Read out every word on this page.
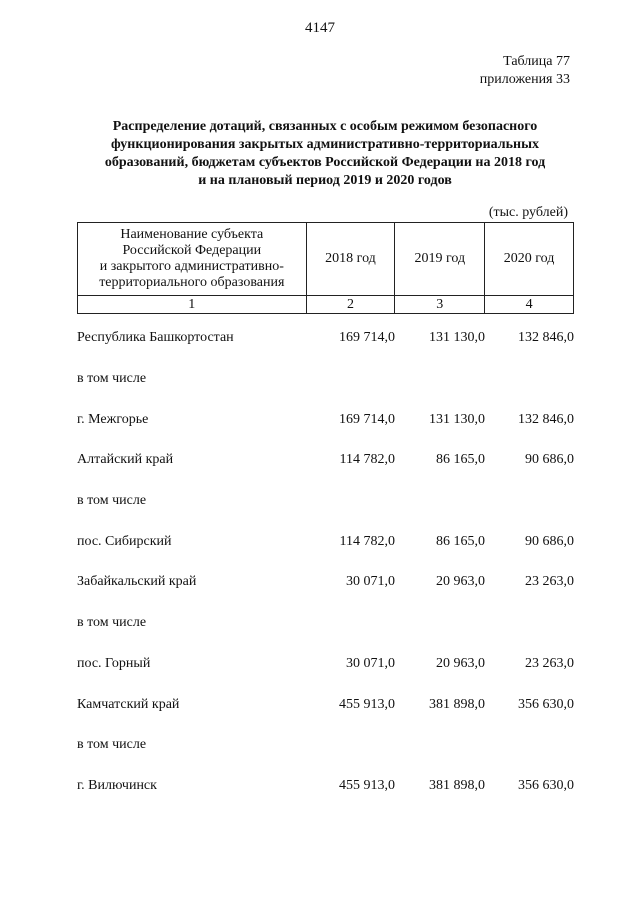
4147
Таблица 77
приложения 33
Распределение дотаций, связанных с особым режимом безопасного
функционирования закрытых административно-территориальных
образований, бюджетам субъектов Российской Федерации на 2018 год
и на плановый период 2019 и 2020 годов
(тыс. рублей)
Наименование субъекта
Российской Федерации
и закрытого административно-
территориального образования	2018 год	2019 год	2020 год
1	2	3	4
Республика Башкортостан	169 714,0	131 130,0	132 846,0
в том числе
г. Межгорье	169 714,0	131 130,0	132 846,0
Алтайский край	114 782,0	86 165,0	90 686,0
в том числе
пос. Сибирский	114 782,0	86 165,0	90 686,0
Забайкальский край	30 071,0	20 963,0	23 263,0
в том числе
пос. Горный	30 071,0	20 963,0	23 263,0
Камчатский край	455 913,0	381 898,0	356 630,0
в том числе
г. Вилючинск	455 913,0	381 898,0	356 630,0
